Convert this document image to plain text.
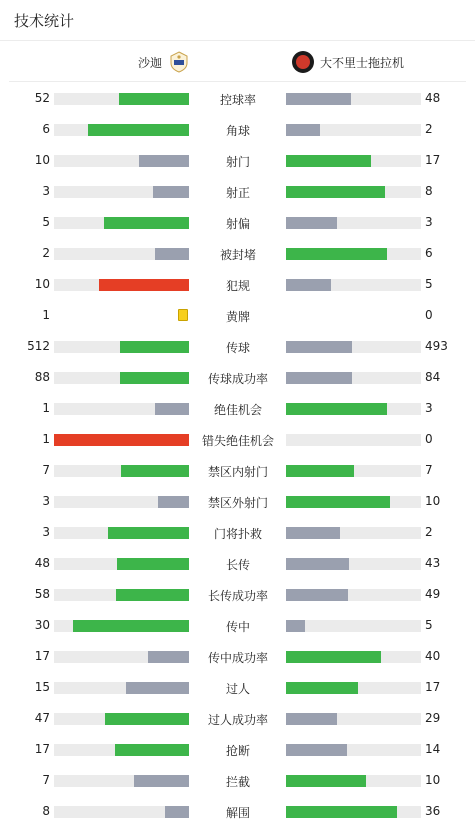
技术统计
沙迦	大不里士拖拉机
52	控球率	48
6	角球	2
10	射门	17
3	射正	8
5	射偏	3
2	被封堵	6
10	犯规	5
1	黄牌	0
512	传球	493
88	传球成功率	84
1	绝佳机会	3
1	错失绝佳机会	0
7	禁区内射门	7
3	禁区外射门	10
3	门将扑救	2
48	长传	43
58	长传成功率	49
30	传中	5
17	传中成功率	40
15	过人	17
47	过人成功率	29
17	抢断	14
7	拦截	10
8	解围	36
